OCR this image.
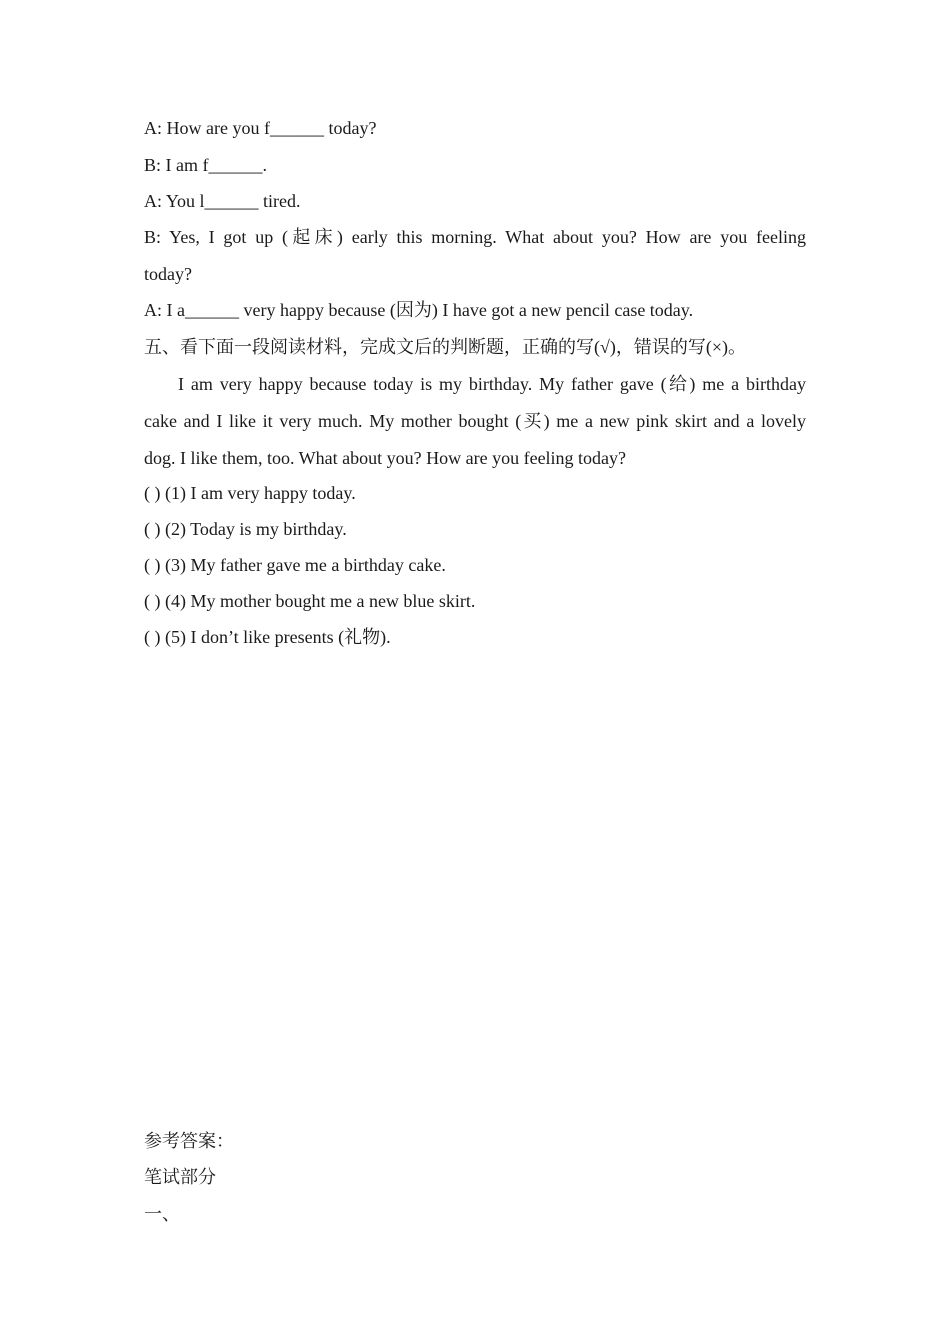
A: How are you f______ today?
B: I am f______.
A: You l______ tired.
B: Yes, I got up (起床) early this morning. What about you? How are you feeling
today?
A: I a______ very happy because (因为) I have got a new pencil case today.
五、看下面一段阅读材料，完成文后的判断题，正确的写(√)，错误的写(×)。
I am very happy because today is my birthday. My father gave (给) me a birthday
cake and I like it very much. My mother bought (买) me a new pink skirt and a lovely
dog. I like them, too. What about you? How are you feeling today?
( ) (1) I am very happy today.
( ) (2) Today is my birthday.
( ) (3) My father gave me a birthday cake.
( ) (4) My mother bought me a new blue skirt.
( ) (5) I don’t like presents (礼物).
参考答案：
笔试部分
一、
